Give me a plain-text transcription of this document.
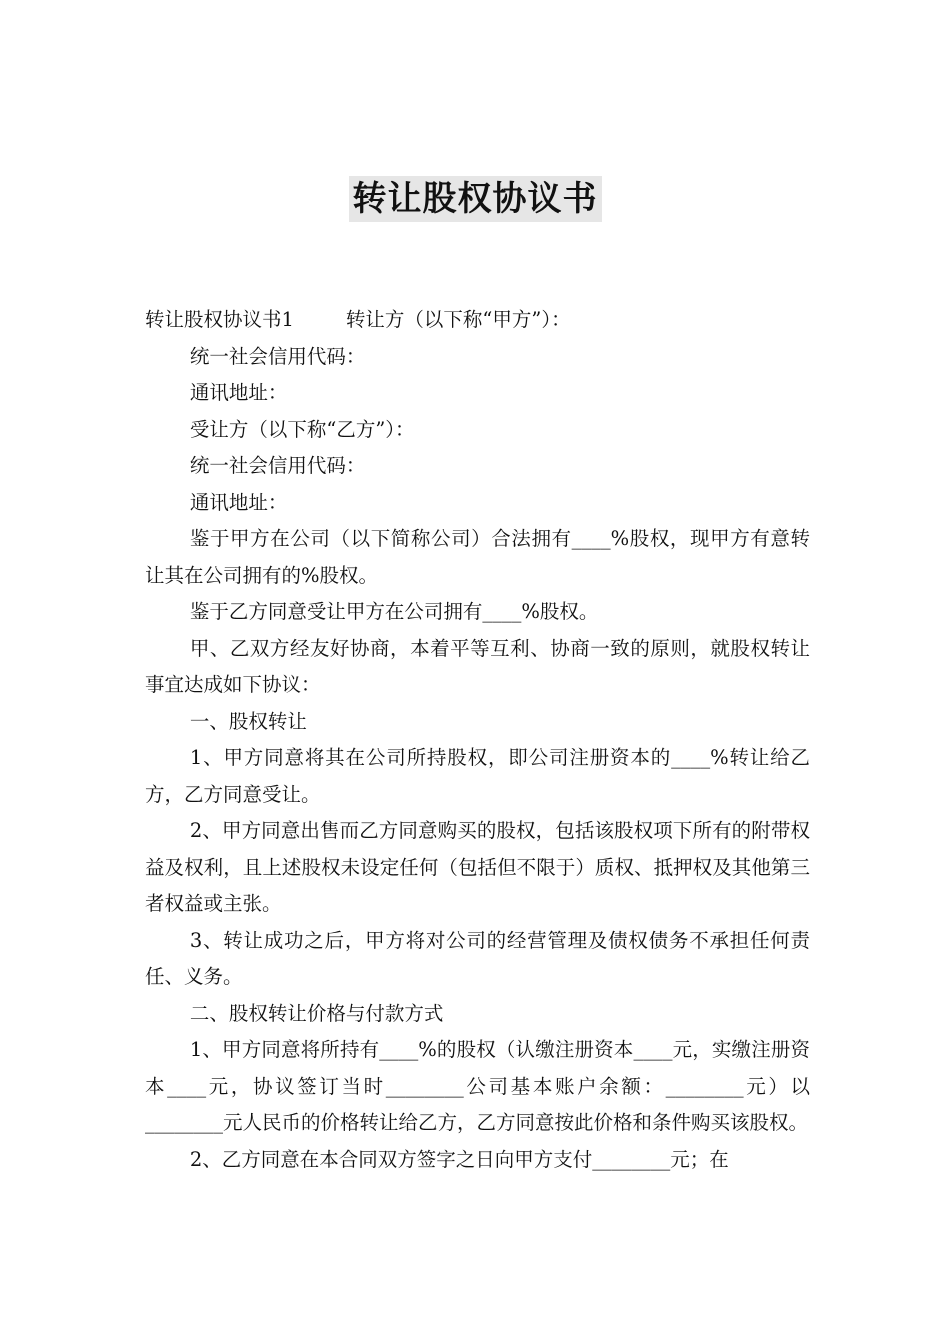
转让股权协议书

转让股权协议书1	转让方（以下称“甲方”）：

统一社会信用代码：

通讯地址：

受让方（以下称“乙方”）：

统一社会信用代码：

通讯地址：

鉴于甲方在公司（以下简称公司）合法拥有____%股权，现甲方有意转让其在公司拥有的%股权。

鉴于乙方同意受让甲方在公司拥有____%股权。

甲、乙双方经友好协商，本着平等互利、协商一致的原则，就股权转让事宜达成如下协议：

一、股权转让

1、甲方同意将其在公司所持股权，即公司注册资本的____%转让给乙方，乙方同意受让。

2、甲方同意出售而乙方同意购买的股权，包括该股权项下所有的附带权益及权利，且上述股权未设定任何（包括但不限于）质权、抵押权及其他第三者权益或主张。

3、转让成功之后，甲方将对公司的经营管理及债权债务不承担任何责任、义务。

二、股权转让价格与付款方式

1、甲方同意将所持有____%的股权（认缴注册资本____元，实缴注册资本____元，协议签订当时________公司基本账户余额：________元）以________元人民币的价格转让给乙方，乙方同意按此价格和条件购买该股权。

2、乙方同意在本合同双方签字之日向甲方支付________元；在
